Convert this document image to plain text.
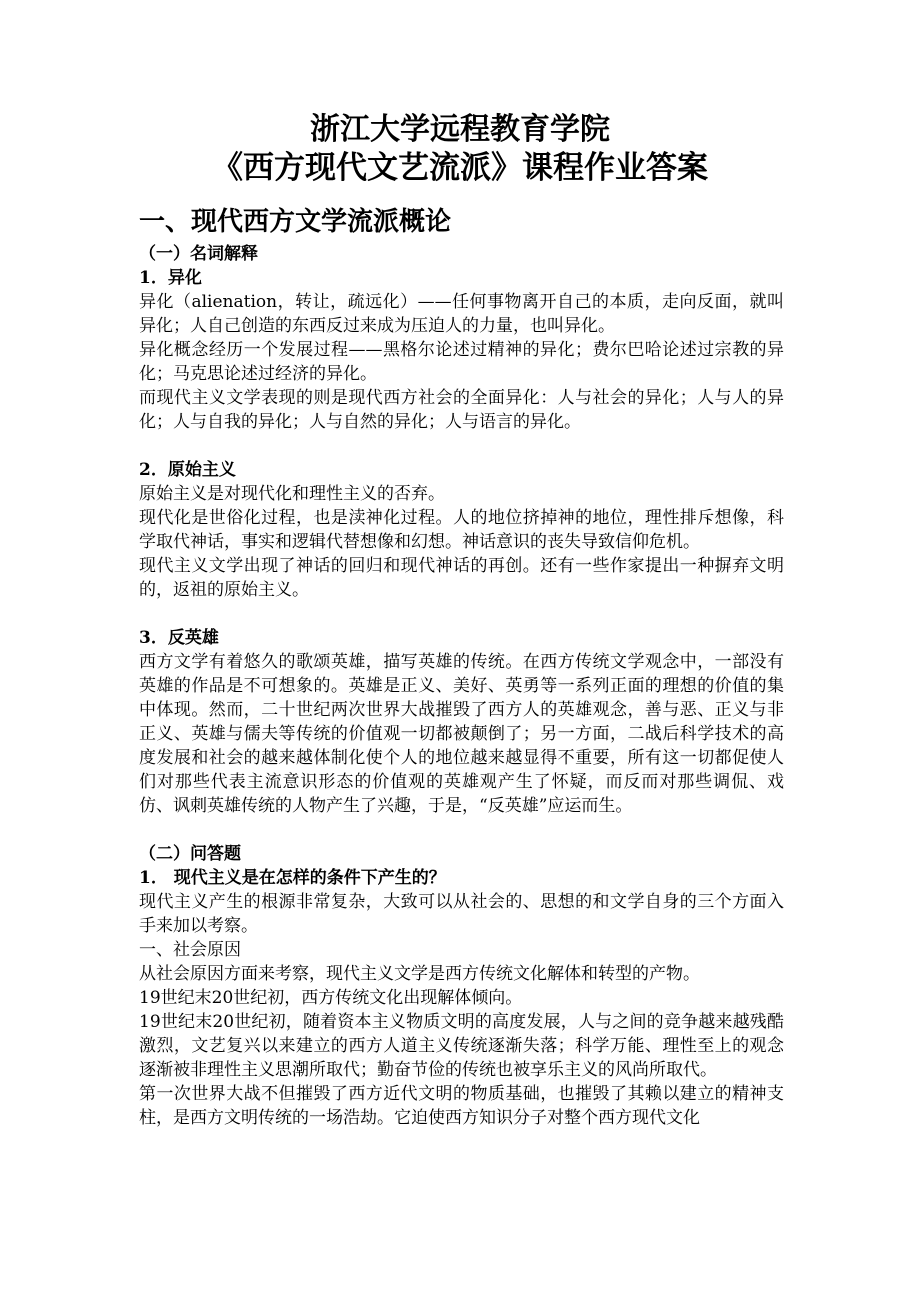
浙江大学远程教育学院
《西方现代文艺流派》课程作业答案
一、现代西方文学流派概论
（一）名词解释
1．异化
异化（alienation，转让，疏远化）——任何事物离开自己的本质，走向反面，就叫异化；人自己创造的东西反过来成为压迫人的力量，也叫异化。
异化概念经历一个发展过程——黑格尔论述过精神的异化；费尔巴哈论述过宗教的异化；马克思论述过经济的异化。
而现代主义文学表现的则是现代西方社会的全面异化：人与社会的异化；人与人的异化；人与自我的异化；人与自然的异化；人与语言的异化。
2．原始主义
原始主义是对现代化和理性主义的否弃。
现代化是世俗化过程，也是渎神化过程。人的地位挤掉神的地位，理性排斥想像，科学取代神话，事实和逻辑代替想像和幻想。神话意识的丧失导致信仰危机。
现代主义文学出现了神话的回归和现代神话的再创。还有一些作家提出一种摒弃文明的，返祖的原始主义。
3．反英雄
西方文学有着悠久的歌颂英雄，描写英雄的传统。在西方传统文学观念中，一部没有英雄的作品是不可想象的。英雄是正义、美好、英勇等一系列正面的理想的价值的集中体现。然而，二十世纪两次世界大战摧毁了西方人的英雄观念，善与恶、正义与非正义、英雄与儒夫等传统的价值观一切都被颠倒了；另一方面，二战后科学技术的高度发展和社会的越来越体制化使个人的地位越来越显得不重要，所有这一切都促使人们对那些代表主流意识形态的价值观的英雄观产生了怀疑，而反而对那些调侃、戏仿、讽刺英雄传统的人物产生了兴趣，于是，“反英雄”应运而生。
（二）问答题
1． 现代主义是在怎样的条件下产生的？
现代主义产生的根源非常复杂，大致可以从社会的、思想的和文学自身的三个方面入手来加以考察。
一、社会原因
从社会原因方面来考察，现代主义文学是西方传统文化解体和转型的产物。
19世纪末20世纪初，西方传统文化出现解体倾向。
19世纪末20世纪初，随着资本主义物质文明的高度发展，人与之间的竞争越来越残酷激烈，文艺复兴以来建立的西方人道主义传统逐渐失落；科学万能、理性至上的观念逐渐被非理性主义思潮所取代；勤奋节俭的传统也被享乐主义的风尚所取代。
第一次世界大战不但摧毁了西方近代文明的物质基础，也摧毁了其赖以建立的精神支柱，是西方文明传统的一场浩劫。它迫使西方知识分子对整个西方现代文化
